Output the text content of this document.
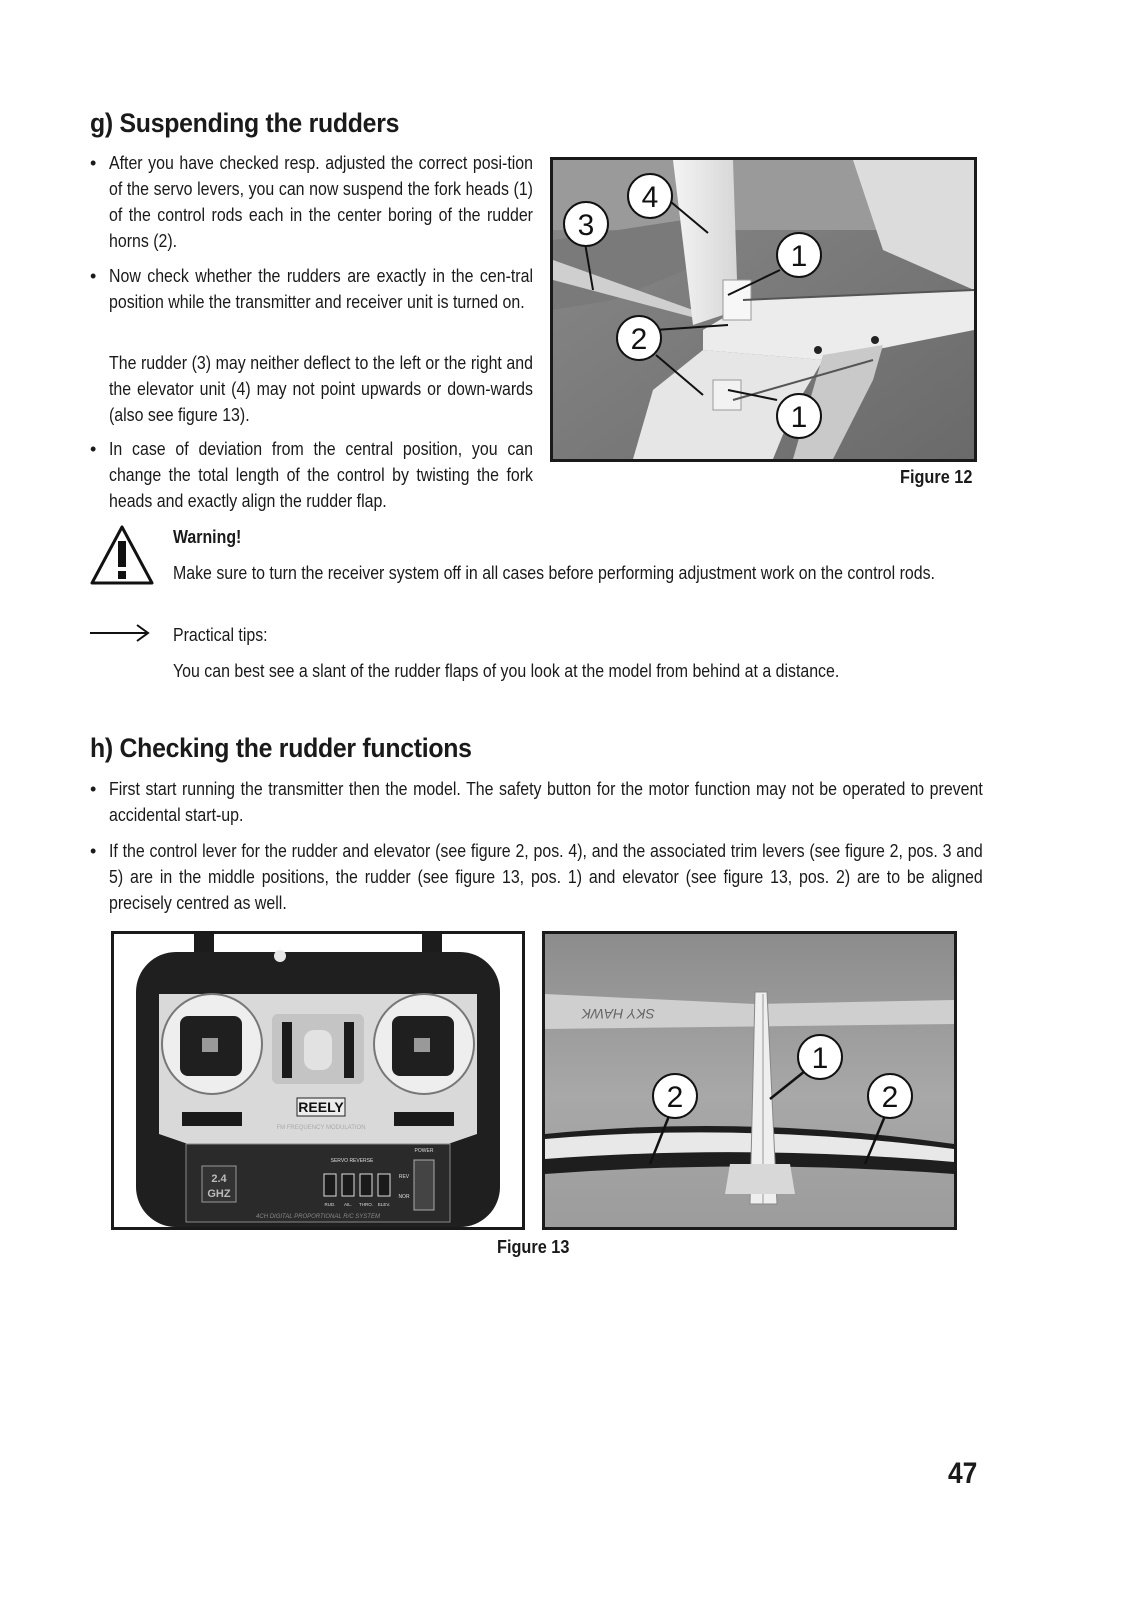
g) Suspending the rudders
• After you have checked resp. adjusted the correct posi-tion of the servo levers, you can now suspend the fork heads (1) of the control rods each in the center boring of the rudder horns (2).
• Now check whether the rudders are exactly in the cen-tral position while the transmitter and receiver unit is turned on.
The rudder (3) may neither deflect to the left or the right and the elevator unit (4) may not point upwards or down-wards (also see figure 13).
• In case of deviation from the central position, you can change the total length of the control by twisting the fork heads and exactly align the rudder flap.
4
3
1
2
1
Figure 12
Warning!
Make sure to turn the receiver system off in all cases before performing adjustment work on the control rods.
Practical tips:
You can best see a slant of the rudder flaps of you look at the model from behind at a distance.
h) Checking the rudder functions
• First start running the transmitter then the model. The safety button for the motor function may not be operated to prevent accidental start-up.
• If the control lever for the rudder and elevator (see figure 2, pos. 4), and the associated trim levers (see figure 2, pos. 3 and 5) are in the middle positions, the rudder (see figure 13, pos. 1) and elevator (see figure 13, pos. 2) are to be aligned precisely centred as well.
REELY
FM FREQUENCY MODULATION
2.4
GHZ
SERVO REVERSE
POWER
REV
NOR
RUD. AIL. THRO. ELEV.
4CH DIGITAL PROPORTIONAL R/C SYSTEM
SKY HAWK
1
2	2
Figure 13
47
